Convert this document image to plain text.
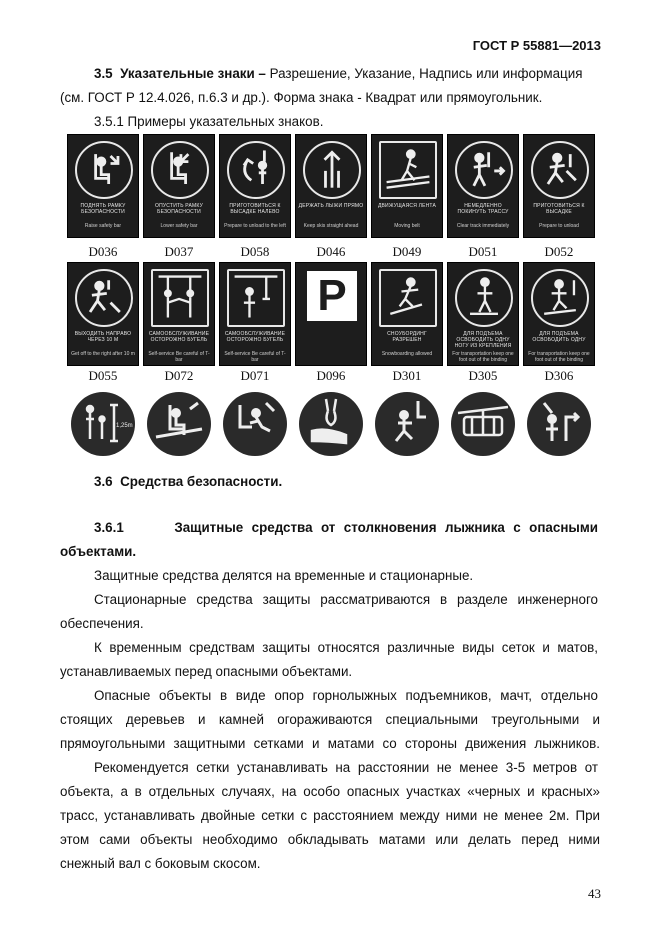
ГОСТ Р 55881—2013

3.5 Указательные знаки – Разрешение, Указание, Надпись или информация

(см. ГОСТ Р 12.4.026, п.6.3 и др.). Форма знака - Квадрат или прямоугольник.

3.5.1 Примеры указательных знаков.

ПОДНЯТЬ РАМКУ БЕЗОПАСНОСТИ
Raise safety bar
ОПУСТИТЬ РАМКУ БЕЗОПАСНОСТИ
Lower safety bar
ПРИГОТОВИТЬСЯ К ВЫСАДКЕ НАЛЕВО
Prepare to unload to the left
ДЕРЖАТЬ ЛЫЖИ ПРЯМО
Keep skis straight ahead
ДВИЖУЩАЯСЯ ЛЕНТА
Moving belt
НЕМЕДЛЕННО ПОКИНУТЬ ТРАССУ
Clear track immediately
ПРИГОТОВИТЬСЯ К ВЫСАДКЕ
Prepare to unload
D036	D037	D058	D046	D049	D051	D052
ВЫХОДИТЬ НАПРАВО ЧЕРЕЗ 10 М
Get off to the right after 10 m
САМООБСЛУЖИВАНИЕ ОСТОРОЖНО БУГЕЛЬ
Self-service Be careful of T-bar
САМООБСЛУЖИВАНИЕ ОСТОРОЖНО БУГЕЛЬ
Self-service Be careful of T-bar
P
СНОУБОРДИНГ РАЗРЕШЕН
Snowboarding allowed
ДЛЯ ПОДЪЕМА ОСВОБОДИТЬ ОДНУ НОГУ ИЗ КРЕПЛЕНИЯ
For transportation keep one foot out of the binding
ДЛЯ ПОДЪЕМА ОСВОБОДИТЬ ОДНУ
For transportation keep one foot out of the binding
D055	D072	D071	D096	D301	D305	D306
1,25m

3.6 Средства безопасности.

3.6.1	Защитные средства от столкновения лыжника с опасными

объектами.

Защитные средства делятся на временные и стационарные.

Стационарные средства защиты рассматриваются в разделе инженерного

обеспечения.

К временным средствам защиты относятся различные виды сеток и матов,

устанавливаемых перед опасными объектами.

Опасные объекты в виде опор горнолыжных подъемников, мачт, отдельно

стоящих деревьев и камней огораживаются специальными треугольными и

прямоугольными защитными сетками и матами со стороны движения лыжников.

Рекомендуется сетки устанавливать на расстоянии не менее 3-5 метров от

объекта, а в отдельных случаях, на особо опасных участках «черных и красных»

трасс, устанавливать двойные сетки с расстоянием между ними не менее 2м. При

этом сами объекты необходимо обкладывать матами или делать перед ними

снежный вал с боковым скосом.

43
